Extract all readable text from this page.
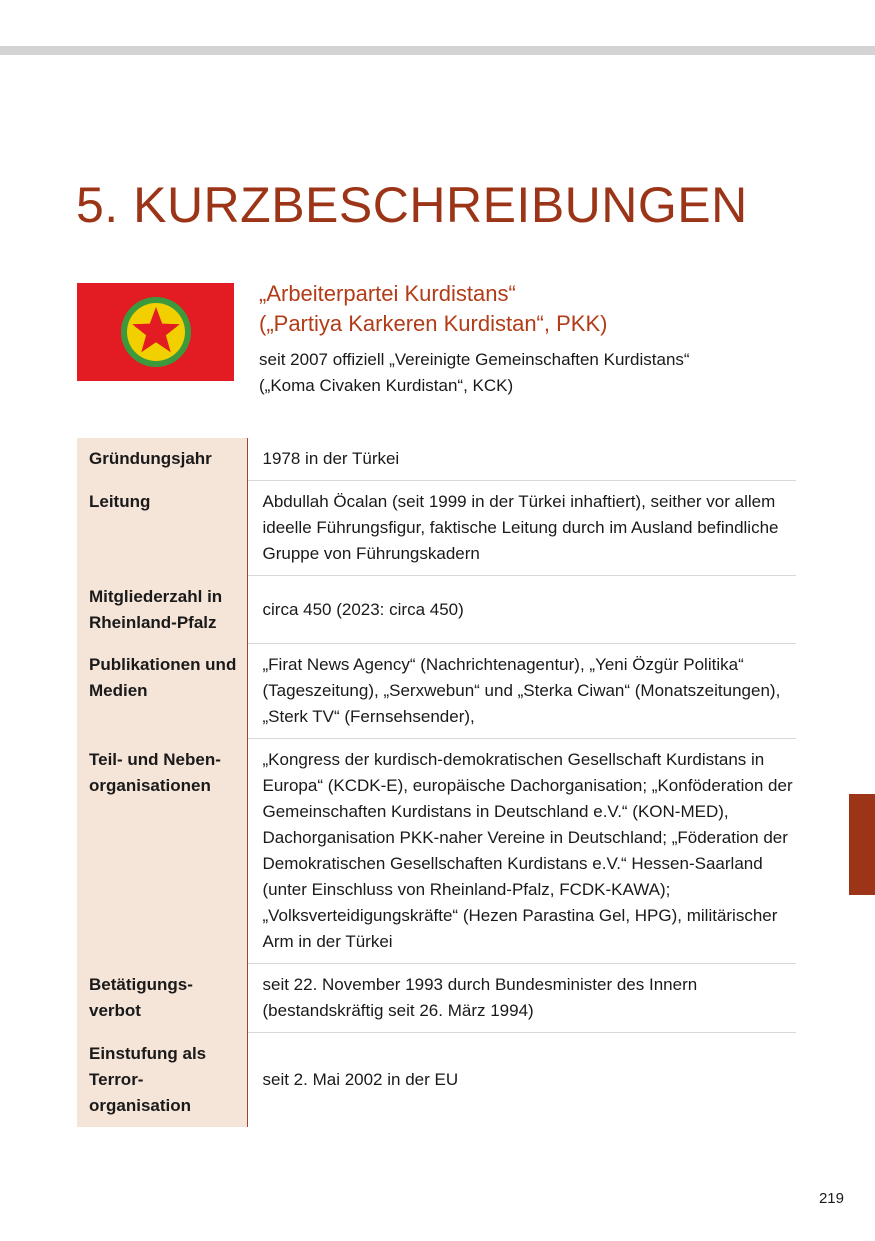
5. KURZBESCHREIBUNGEN
„Arbeiterpartei Kurdistans“
(„Partiya Karkeren Kurdistan“, PKK)

seit 2007 offiziell „Vereinigte Gemeinschaften Kurdistans“
(„Koma Civaken Kurdistan“, KCK)

Gründungsjahr	1978 in der Türkei
Leitung	Abdullah Öcalan (seit 1999 in der Türkei inhaftiert), seither vor allem ideelle Führungsfigur, faktische Leitung durch im Ausland befindliche Gruppe von Führungskadern
Mitgliederzahl in Rheinland-Pfalz	circa 450 (2023: circa 450)
Publikationen und Medien	„Firat News Agency“ (Nachrichtenagentur), „Yeni Özgür Politika“ (Tageszeitung), „Serxwebun“ und „Sterka Ciwan“ (Monatszeitungen), „Sterk TV“ (Fernsehsender),
Teil- und Neben-organisationen	„Kongress der kurdisch-demokratischen Gesellschaft Kurdistans in Europa“ (KCDK-E), europäische Dachorganisation; „Konföderation der Gemeinschaften Kurdistans in Deutschland e.V.“ (KON-MED), Dachorganisation PKK-naher Vereine in Deutschland; „Föderation der Demokratischen Gesellschaften Kurdistans e.V.“ Hessen-Saarland (unter Einschluss von Rheinland-Pfalz, FCDK-KAWA); „Volksverteidigungskräfte“ (Hezen Parastina Gel, HPG), militärischer Arm in der Türkei
Betätigungs-verbot	seit 22. November 1993 durch Bundesminister des Innern (bestandskräftig seit 26. März 1994)
Einstufung als Terror-organisation	seit 2. Mai 2002 in der EU
219
